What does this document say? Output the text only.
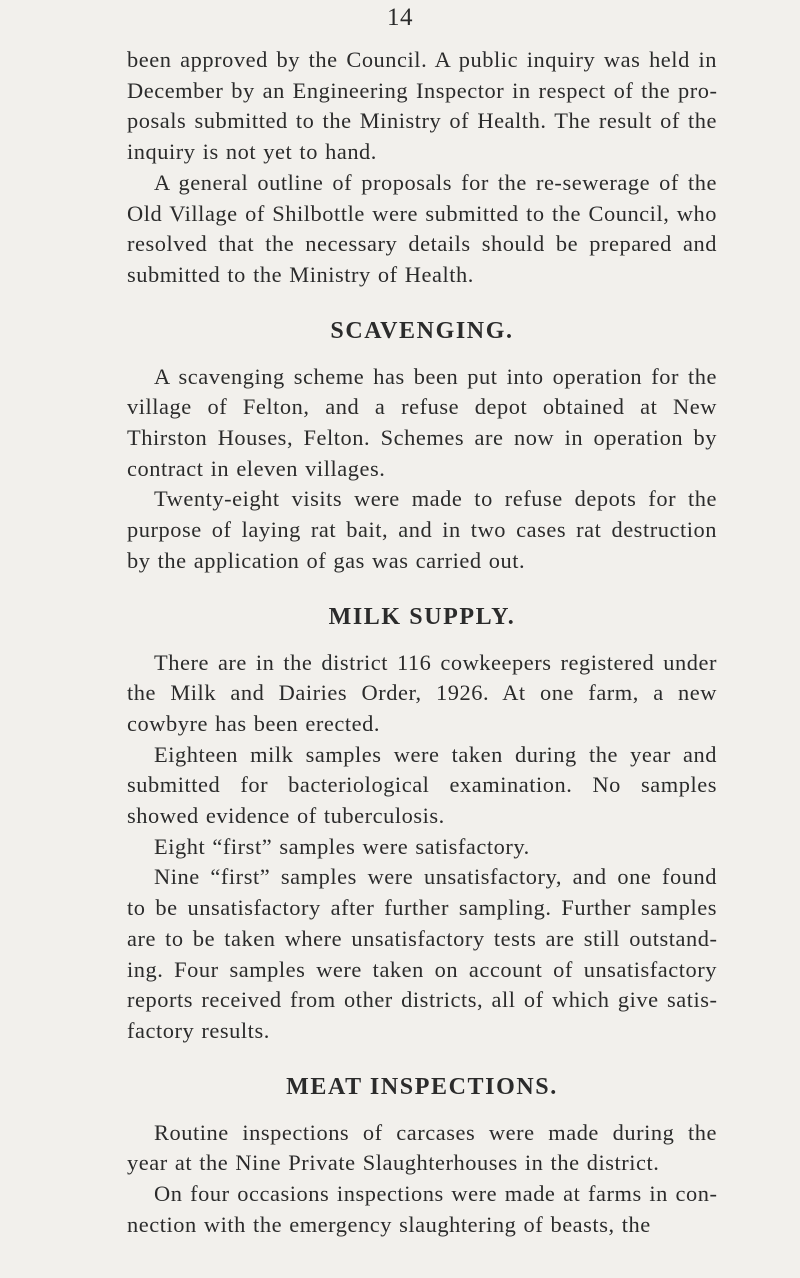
14

been approved by the Council. A public inquiry was held in December by an Engineering Inspector in respect of the proposals submitted to the Ministry of Health. The result of the inquiry is not yet to hand.

A general outline of proposals for the re-sewerage of the Old Village of Shilbottle were submitted to the Council, who resolved that the necessary details should be prepared and submitted to the Ministry of Health.

SCAVENGING.

A scavenging scheme has been put into operation for the village of Felton, and a refuse depot obtained at New Thirston Houses, Felton. Schemes are now in operation by contract in eleven villages.

Twenty-eight visits were made to refuse depots for the purpose of laying rat bait, and in two cases rat destruction by the application of gas was carried out.

MILK SUPPLY.

There are in the district 116 cowkeepers registered under the Milk and Dairies Order, 1926. At one farm, a new cowbyre has been erected.

Eighteen milk samples were taken during the year and submitted for bacteriological examination. No samples showed evidence of tuberculosis.

Eight “first” samples were satisfactory.

Nine “first” samples were unsatisfactory, and one found to be unsatisfactory after further sampling. Further samples are to be taken where unsatisfactory tests are still outstanding. Four samples were taken on account of unsatisfactory reports received from other districts, all of which give satisfactory results.

MEAT INSPECTIONS.

Routine inspections of carcases were made during the year at the Nine Private Slaughterhouses in the district.

On four occasions inspections were made at farms in connection with the emergency slaughtering of beasts, the
